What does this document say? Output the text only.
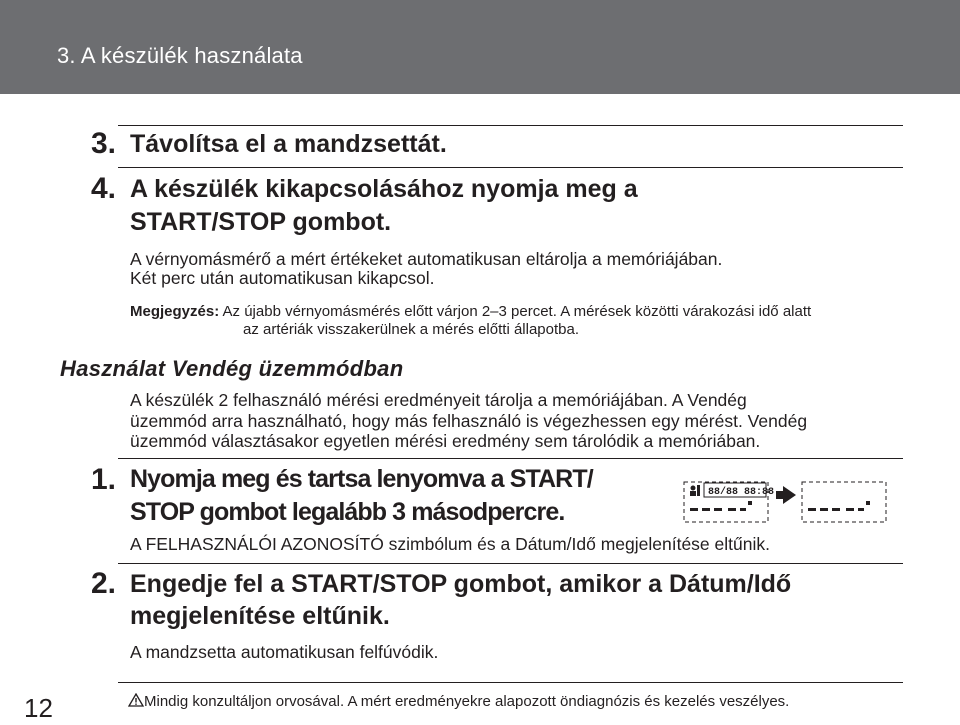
3. A készülék használata
3. Távolítsa el a mandzsettát.
4. A készülék kikapcsolásához nyomja meg a
START/STOP gombot.
A vérnyomásmérő a mért értékeket automatikusan eltárolja a memóriájában.
Két perc után automatikusan kikapcsol.
Megjegyzés: Az újabb vérnyomásmérés előtt várjon 2–3 percet. A mérések közötti várakozási idő alatt
az artériák visszakerülnek a mérés előtti állapotba.
Használat Vendég üzemmódban
A készülék 2 felhasználó mérési eredményeit tárolja a memóriájában. A Vendég
üzemmód arra használható, hogy más felhasználó is végezhessen egy mérést. Vendég
üzemmód választásakor egyetlen mérési eredmény sem tárolódik a memóriában.
1. Nyomja meg és tartsa lenyomva a START/
STOP gombot legalább 3 másodpercre.
88/88 88:88
A FELHASZNÁLÓI AZONOSÍTÓ szimbólum és a Dátum/Idő megjelenítése eltűnik.
2. Engedje fel a START/STOP gombot, amikor a Dátum/Idő
megjelenítése eltűnik.
A mandzsetta automatikusan felfúvódik.
Mindig konzultáljon orvosával. A mért eredményekre alapozott öndiagnózis és kezelés veszélyes.
12
